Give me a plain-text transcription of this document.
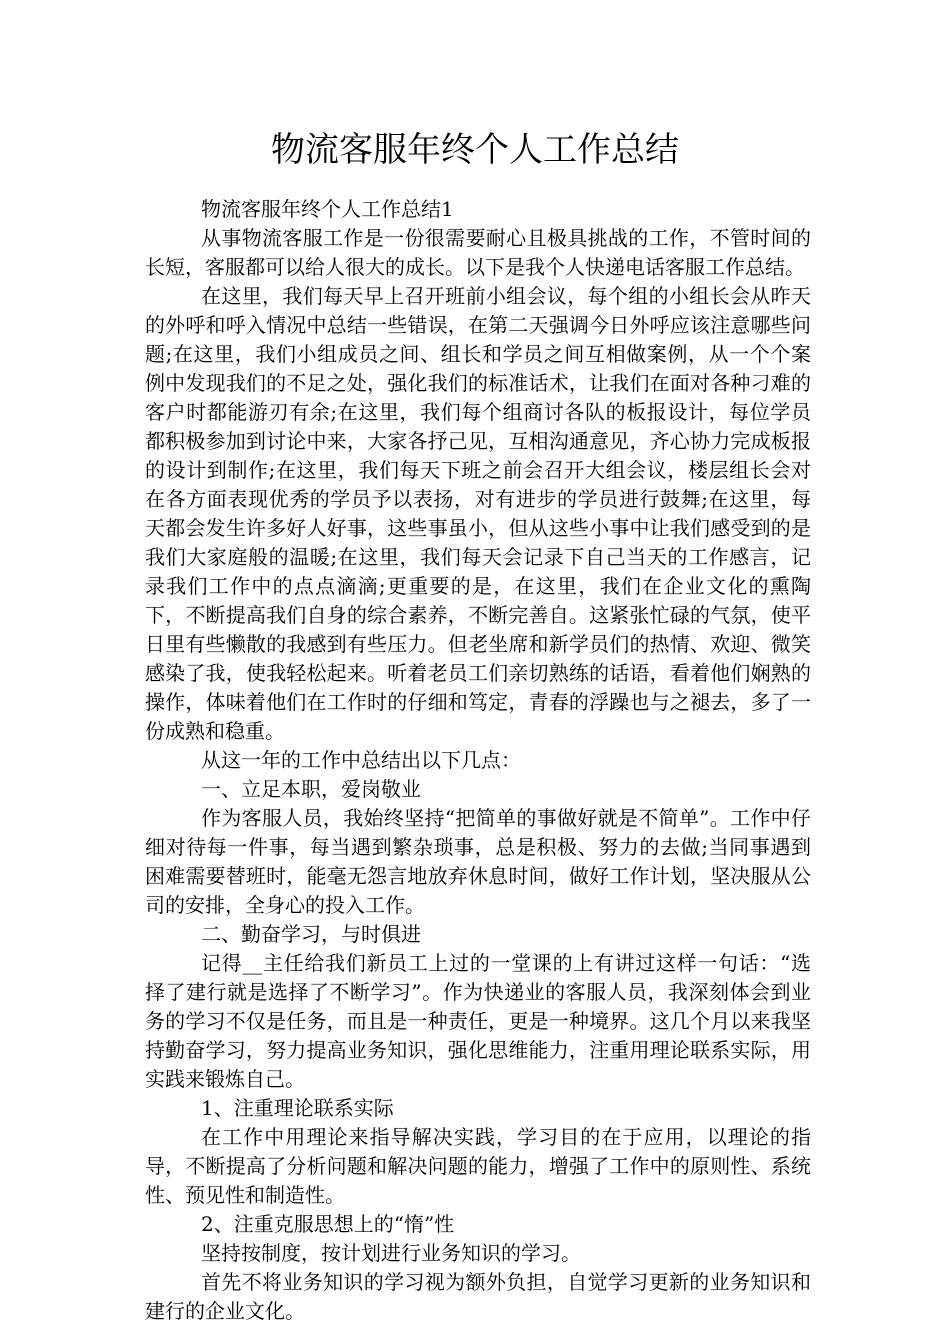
物流客服年终个人工作总结

物流客服年终个人工作总结1

从事物流客服工作是一份很需要耐心且极具挑战的工作，不管时间的长短，客服都可以给人很大的成长。以下是我个人快递电话客服工作总结。

在这里，我们每天早上召开班前小组会议，每个组的小组长会从昨天的外呼和呼入情况中总结一些错误，在第二天强调今日外呼应该注意哪些问题;在这里，我们小组成员之间、组长和学员之间互相做案例，从一个个案例中发现我们的不足之处，强化我们的标准话术，让我们在面对各种刁难的客户时都能游刃有余;在这里，我们每个组商讨各队的板报设计，每位学员都积极参加到讨论中来，大家各抒己见，互相沟通意见，齐心协力完成板报的设计到制作;在这里，我们每天下班之前会召开大组会议，楼层组长会对在各方面表现优秀的学员予以表扬，对有进步的学员进行鼓舞;在这里，每天都会发生许多好人好事，这些事虽小，但从这些小事中让我们感受到的是我们大家庭般的温暖;在这里，我们每天会记录下自己当天的工作感言，记录我们工作中的点点滴滴;更重要的是，在这里，我们在企业文化的熏陶下，不断提高我们自身的综合素养，不断完善自。这紧张忙碌的气氛，使平日里有些懒散的我感到有些压力。但老坐席和新学员们的热情、欢迎、微笑感染了我，使我轻松起来。听着老员工们亲切熟练的话语，看着他们娴熟的操作，体味着他们在工作时的仔细和笃定，青春的浮躁也与之褪去，多了一份成熟和稳重。

从这一年的工作中总结出以下几点：

一、立足本职，爱岗敬业

作为客服人员，我始终坚持“把简单的事做好就是不简单”。工作中仔细对待每一件事，每当遇到繁杂琐事，总是积极、努力的去做;当同事遇到困难需要替班时，能毫无怨言地放弃休息时间，做好工作计划，坚决服从公司的安排，全身心的投入工作。

二、勤奋学习，与时俱进

记得__主任给我们新员工上过的一堂课的上有讲过这样一句话：“选择了建行就是选择了不断学习”。作为快递业的客服人员，我深刻体会到业务的学习不仅是任务，而且是一种责任，更是一种境界。这几个月以来我坚持勤奋学习，努力提高业务知识，强化思维能力，注重用理论联系实际，用实践来锻炼自己。

1、注重理论联系实际

在工作中用理论来指导解决实践，学习目的在于应用，以理论的指导，不断提高了分析问题和解决问题的能力，增强了工作中的原则性、系统性、预见性和制造性。

2、注重克服思想上的“惰”性

坚持按制度，按计划进行业务知识的学习。

首先不将业务知识的学习视为额外负担，自觉学习更新的业务知识和建行的企业文化。
